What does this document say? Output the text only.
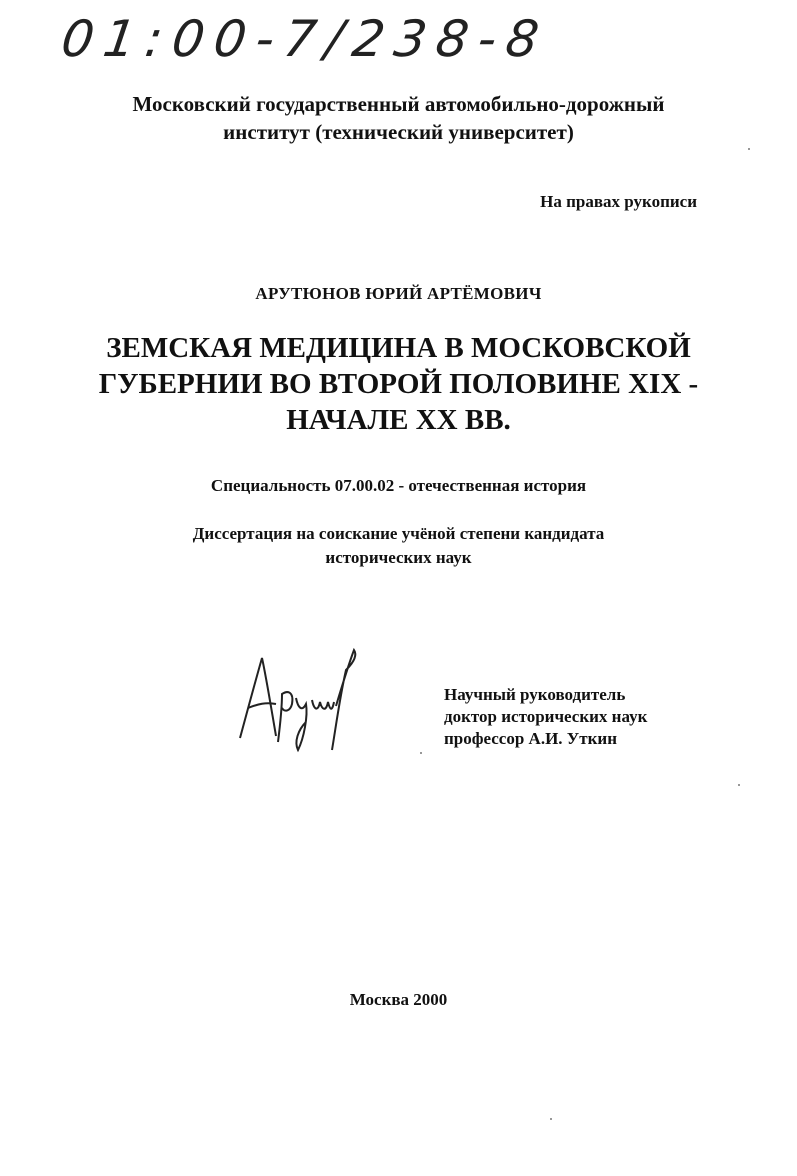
01:00-7/238-8
Московский государственный автомобильно-дорожный
институт (технический университет)
На правах рукописи
АРУТЮНОВ ЮРИЙ АРТЁМОВИЧ
ЗЕМСКАЯ МЕДИЦИНА В МОСКОВСКОЙ
ГУБЕРНИИ ВО ВТОРОЙ ПОЛОВИНЕ XIX -
НАЧАЛЕ XX ВВ.
Специальность 07.00.02 - отечественная история
Диссертация на соискание учёной степени кандидата
исторических наук
Научный руководитель
доктор исторических наук
профессор А.И. Уткин
Москва 2000
